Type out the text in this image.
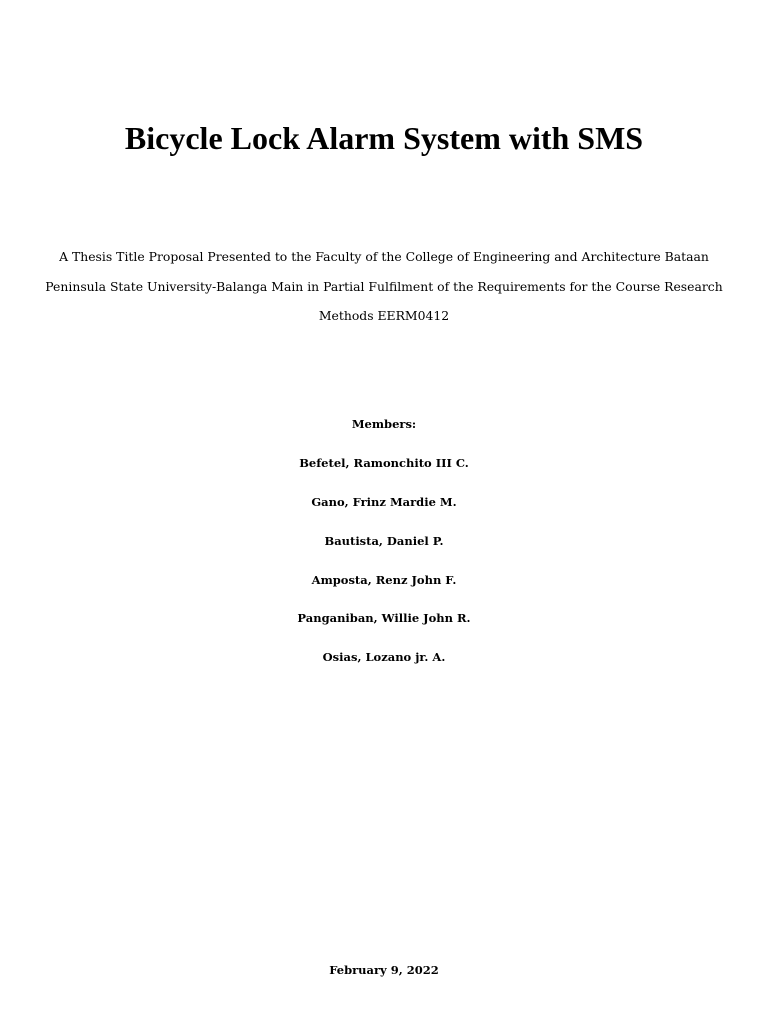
Bicycle Lock Alarm System with SMS

A Thesis Title Proposal Presented to the Faculty of the College of Engineering and Architecture Bataan
Peninsula State University-Balanga Main in Partial Fulfilment of the Requirements for the Course Research
Methods EERM0412

Members:
Befetel, Ramonchito III C.
Gano, Frinz Mardie M.
Bautista, Daniel P.
Amposta, Renz John F.
Panganiban, Willie John R.
Osias, Lozano jr. A.

February 9, 2022
